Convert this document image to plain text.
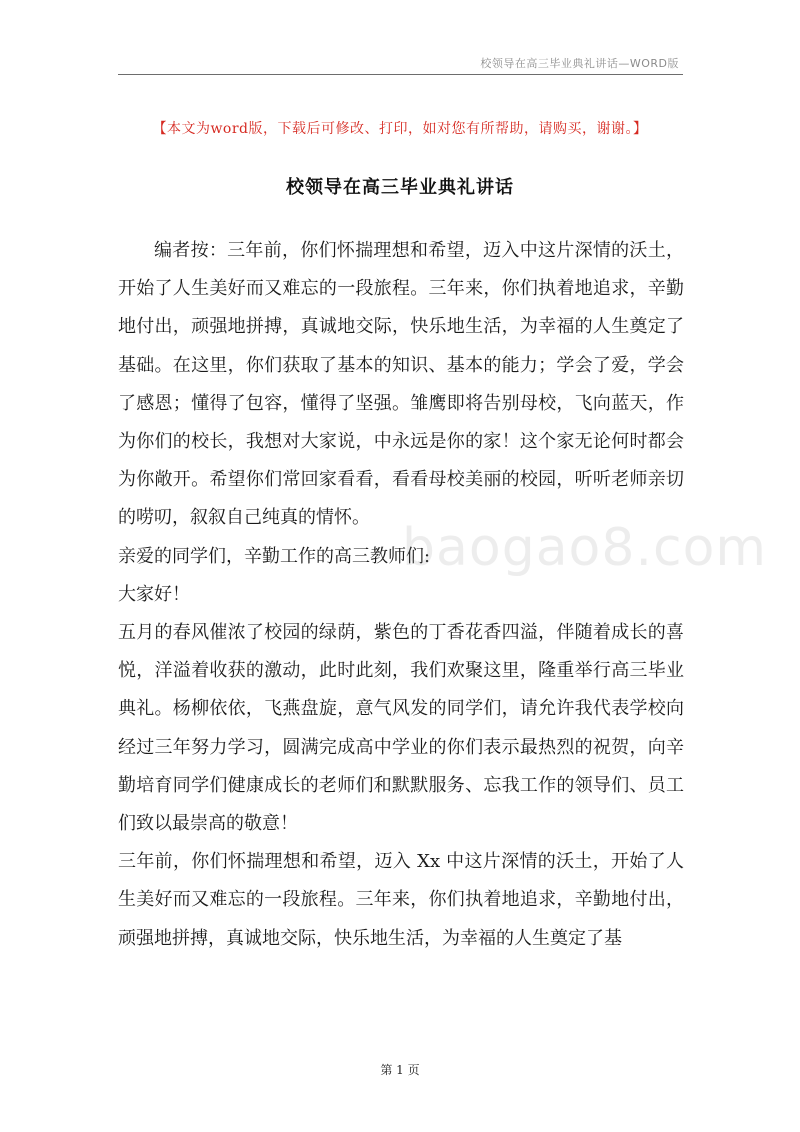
校领导在高三毕业典礼讲话—WORD版
【本文为word版，下载后可修改、打印，如对您有所帮助，请购买，谢谢。】
校领导在高三毕业典礼讲话

编者按：三年前，你们怀揣理想和希望，迈入中这片深情的沃土，开始了人生美好而又难忘的一段旅程。三年来，你们执着地追求，辛勤地付出，顽强地拼搏，真诚地交际，快乐地生活，为幸福的人生奠定了基础。在这里，你们获取了基本的知识、基本的能力；学会了爱，学会了感恩；懂得了包容，懂得了坚强。雏鹰即将告别母校，飞向蓝天，作为你们的校长，我想对大家说，中永远是你的家！这个家无论何时都会为你敞开。希望你们常回家看看，看看母校美丽的校园，听听老师亲切的唠叨，叙叙自己纯真的情怀。

亲爱的同学们，辛勤工作的高三教师们:

大家好！

五月的春风催浓了校园的绿荫，紫色的丁香花香四溢，伴随着成长的喜悦，洋溢着收获的激动，此时此刻，我们欢聚这里，隆重举行高三毕业典礼。杨柳依依，飞燕盘旋，意气风发的同学们，请允许我代表学校向经过三年努力学习，圆满完成高中学业的你们表示最热烈的祝贺，向辛勤培育同学们健康成长的老师们和默默服务、忘我工作的领导们、员工们致以最崇高的敬意！

三年前，你们怀揣理想和希望，迈入 Xx 中这片深情的沃土，开始了人生美好而又难忘的一段旅程。三年来，你们执着地追求，辛勤地付出，顽强地拼搏，真诚地交际，快乐地生活，为幸福的人生奠定了基

baogao8.com
第 1 页
